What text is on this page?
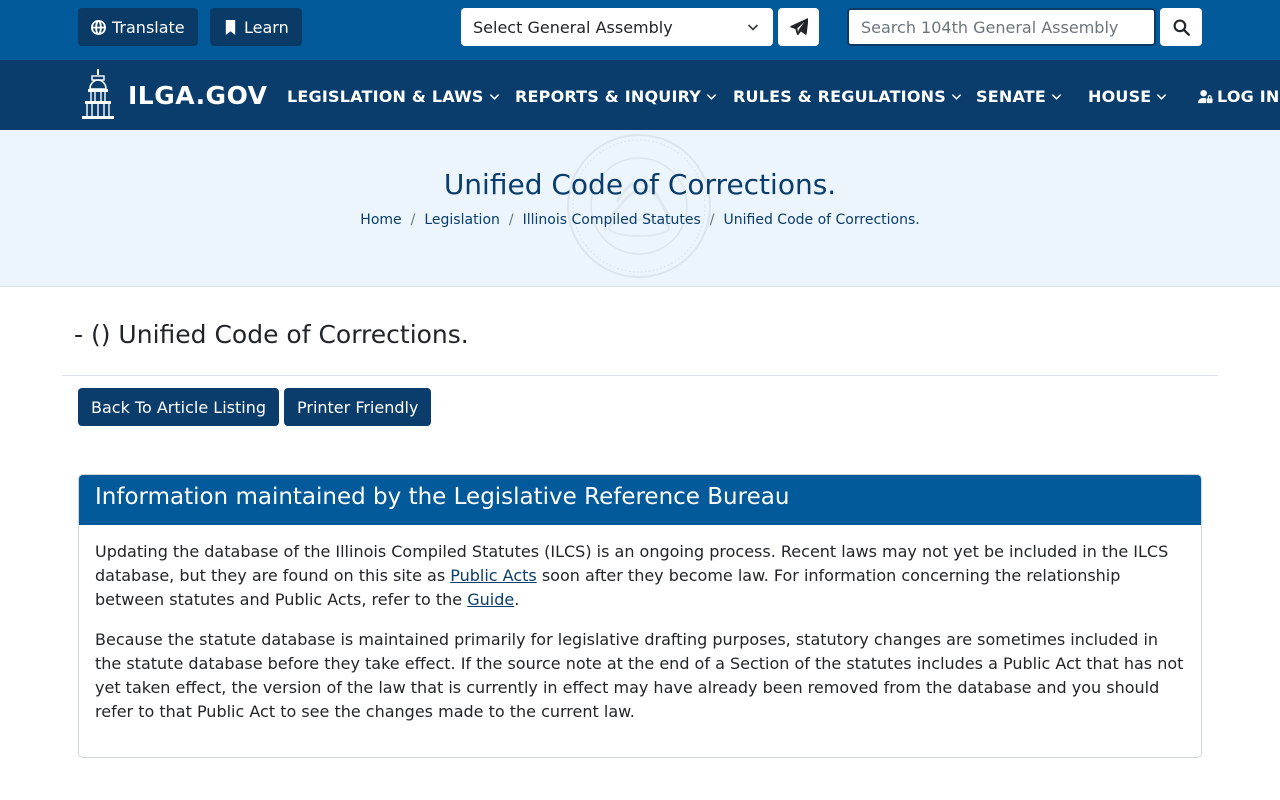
Translate	Learn	Select General Assembly
Search 104th General Assembly
ILGA.GOV LEGISLATION & LAWS REPORTS & INQUIRY RULES & REGULATIONS SENATE	HOUSE	LOG IN
Unified Code of Corrections.
Home / Legislation / Illinois Compiled Statutes / Unified Code of Corrections.
- () Unified Code of Corrections.
Back To Article Listing	Printer Friendly
Information maintained by the Legislative Reference Bureau

Updating the database of the Illinois Compiled Statutes (ILCS) is an ongoing process. Recent laws may not yet be included in the ILCS database, but they are found on this site as Public Acts soon after they become law. For information concerning the relationship between statutes and Public Acts, refer to the Guide.

Because the statute database is maintained primarily for legislative drafting purposes, statutory changes are sometimes included in the statute database before they take effect. If the source note at the end of a Section of the statutes includes a Public Act that has not yet taken effect, the version of the law that is currently in effect may have already been removed from the database and you should refer to that Public Act to see the changes made to the current law.
